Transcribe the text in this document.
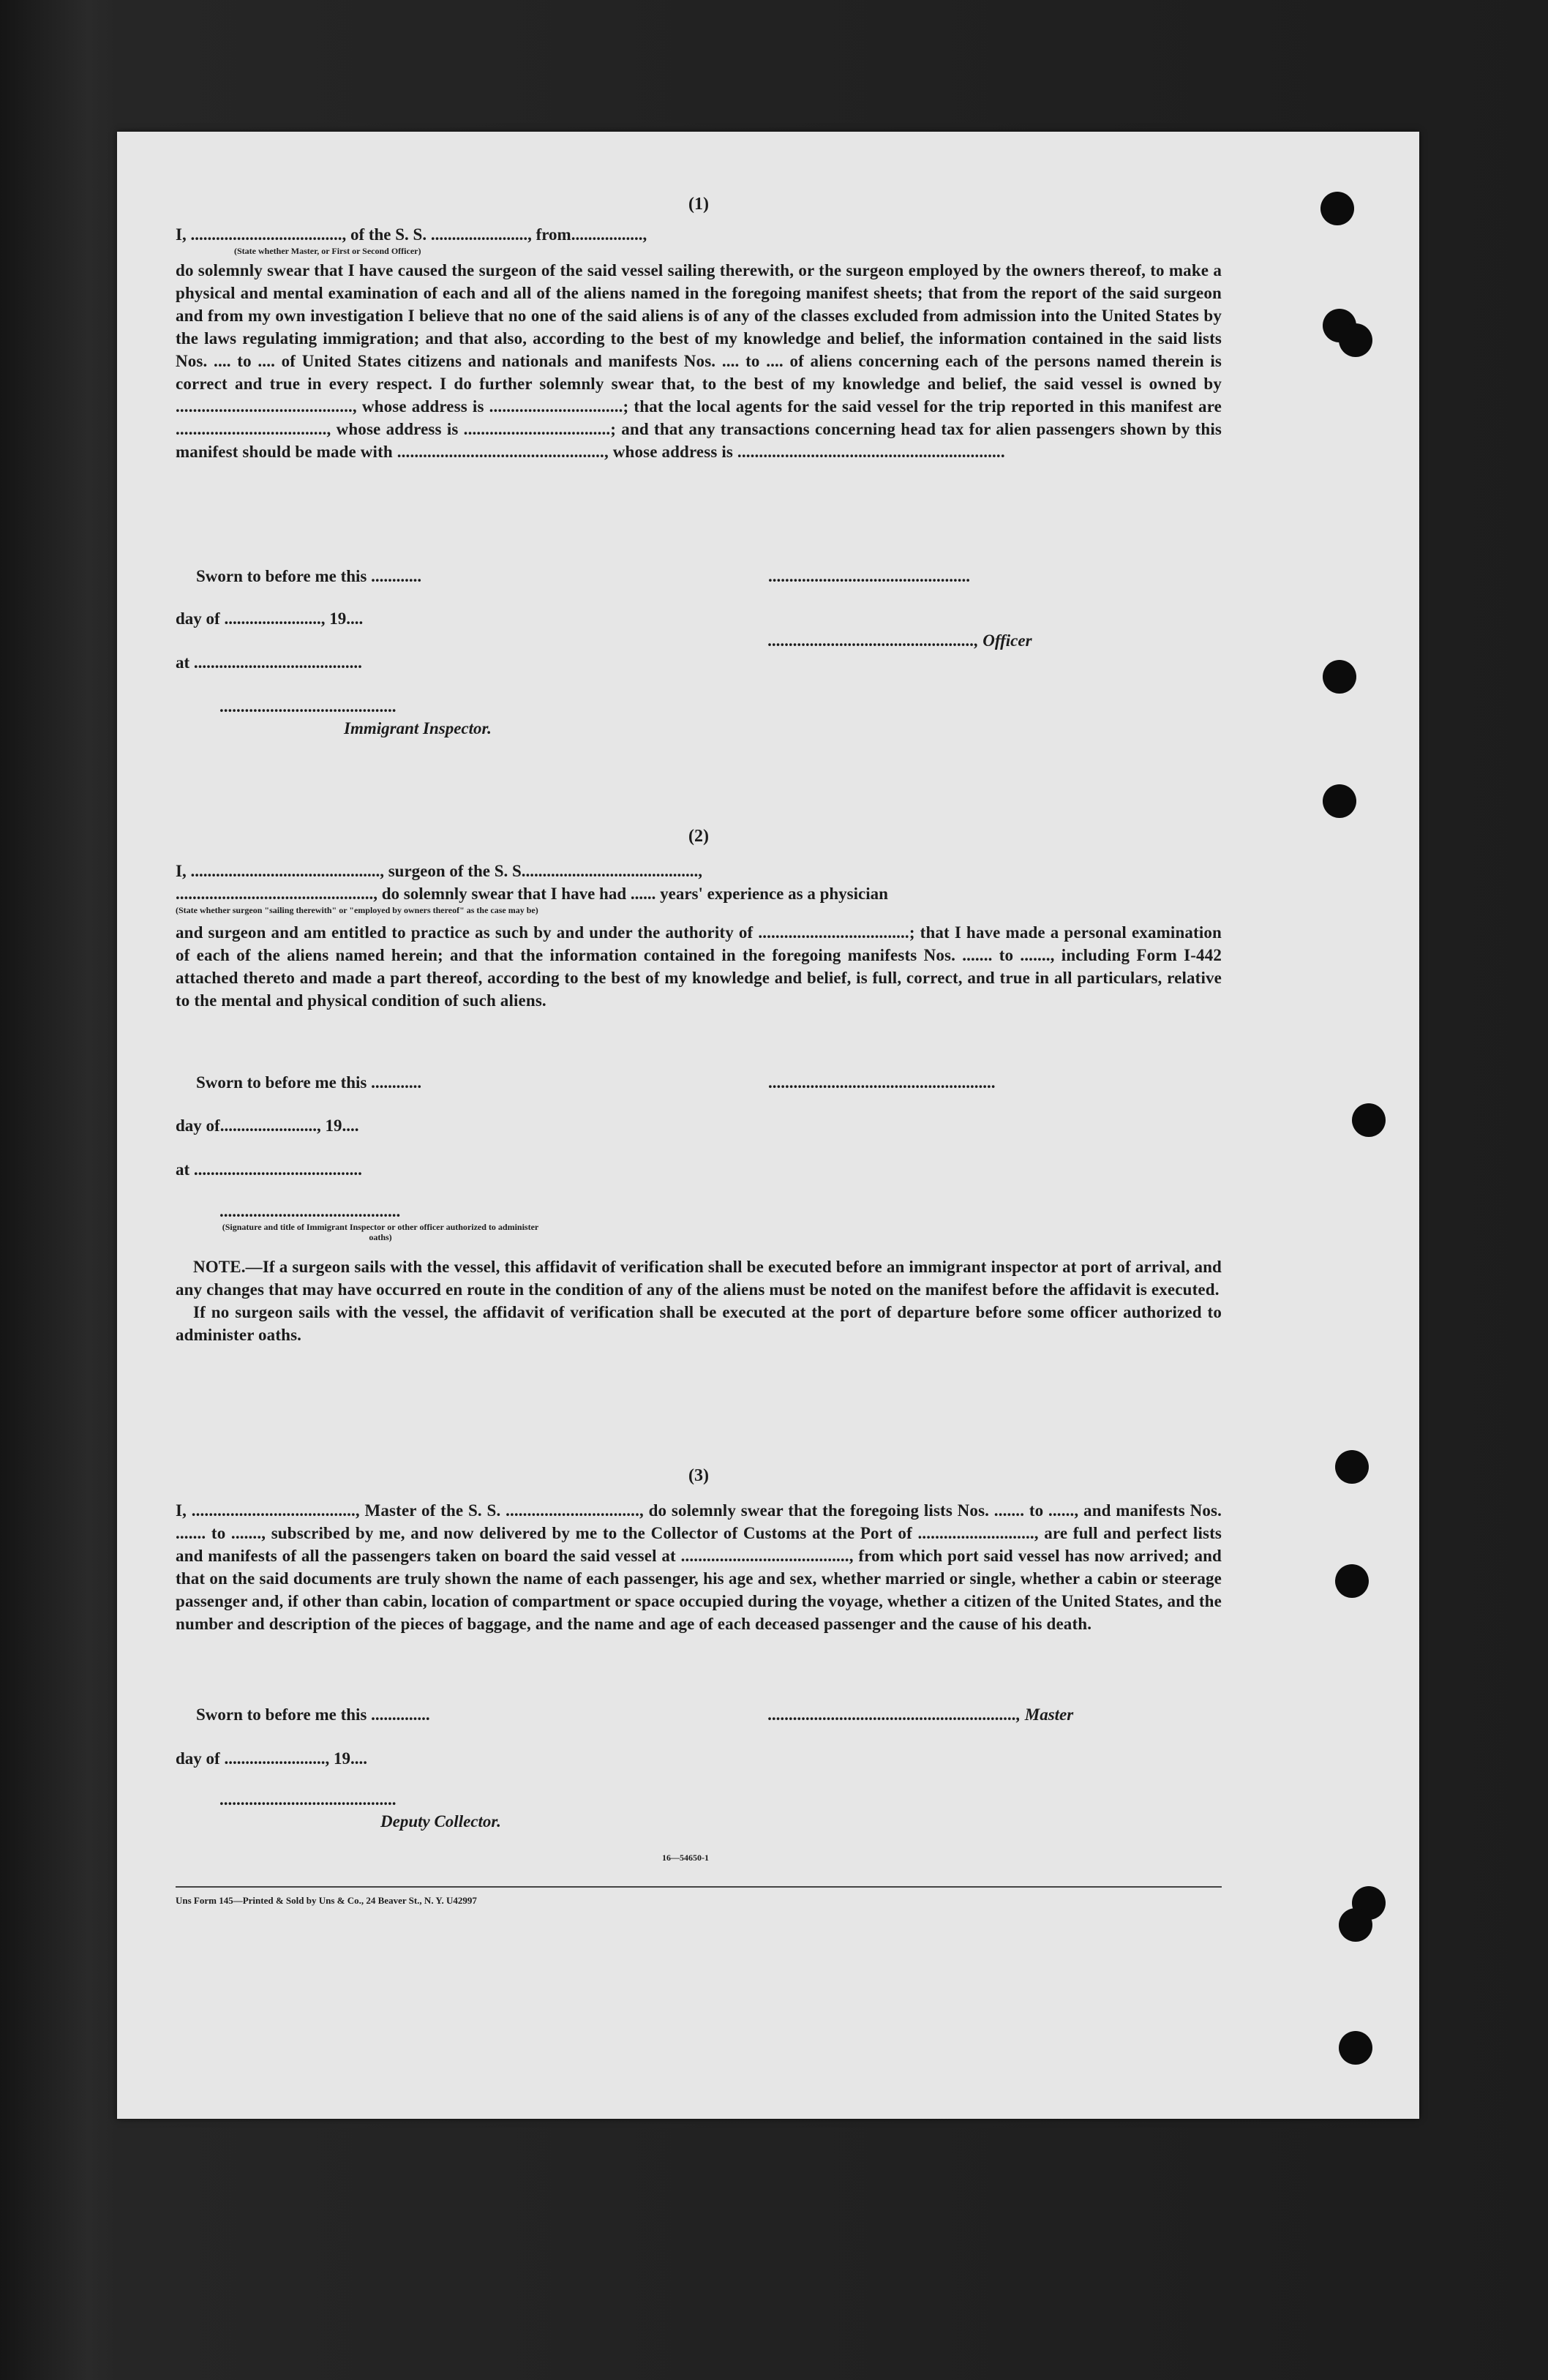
(1)
I, ...................................., of the S. S. ......................., from.................,
(State whether Master, or First or Second Officer)

do solemnly swear that I have caused the surgeon of the said vessel sailing therewith, or the surgeon employed by the owners thereof, to make a physical and mental examination of each and all of the aliens named in the foregoing manifest sheets; that from the report of the said surgeon and from my own investigation I believe that no one of the said aliens is of any of the classes excluded from admission into the United States by the laws regulating immigration; and that also, according to the best of my knowledge and belief, the information contained in the said lists Nos. .... to .... of United States citizens and nationals and manifests Nos. .... to .... of aliens concerning each of the persons named therein is correct and true in every respect. I do further solemnly swear that, to the best of my knowledge and belief, the said vessel is owned by ........................................., whose address is ...............................; that the local agents for the said vessel for the trip reported in this manifest are ..................................., whose address is ..................................; and that any transactions concerning head tax for alien passengers shown by this manifest should be made with ................................................, whose address is ..............................................................

Sworn to before me this ............
day of ......................., 19....
at ........................................
..........................................
Immigrant Inspector.
................................................
................................................., Officer
(2)
I, ............................................., surgeon of the S. S..........................................,
..............................................., do solemnly swear that I have had ...... years' experience as a physician
(State whether surgeon "sailing therewith" or "employed by owners thereof" as the case may be)

and surgeon and am entitled to practice as such by and under the authority of ...................................; that I have made a personal examination of each of the aliens named herein; and that the information contained in the foregoing manifests Nos. ....... to ......., including Form I-442 attached thereto and made a part thereof, according to the best of my knowledge and belief, is full, correct, and true in all particulars, relative to the mental and physical condition of such aliens.

Sworn to before me this ............
day of......................., 19....
at ........................................
...........................................
(Signature and title of Immigrant Inspector or other officer authorized to administer oaths)
......................................................

NOTE.—If a surgeon sails with the vessel, this affidavit of verification shall be executed before an immigrant inspector at port of arrival, and any changes that may have occurred en route in the condition of any of the aliens must be noted on the manifest before the affidavit is executed.

If no surgeon sails with the vessel, the affidavit of verification shall be executed at the port of departure before some officer authorized to administer oaths.

(3)

I, ......................................, Master of the S. S. ..............................., do solemnly swear that the foregoing lists Nos. ....... to ......, and manifests Nos. ....... to ......., subscribed by me, and now delivered by me to the Collector of Customs at the Port of ..........................., are full and perfect lists and manifests of all the passengers taken on board the said vessel at ......................................., from which port said vessel has now arrived; and that on the said documents are truly shown the name of each passenger, his age and sex, whether married or single, whether a cabin or steerage passenger and, if other than cabin, location of compartment or space occupied during the voyage, whether a citizen of the United States, and the number and description of the pieces of baggage, and the name and age of each deceased passenger and the cause of his death.

Sworn to before me this ..............
day of ........................, 19....
..........................................
Deputy Collector.
..........................................................., Master
16—54650-1
Uns Form 145—Printed & Sold by Uns & Co., 24 Beaver St., N. Y. U42997
